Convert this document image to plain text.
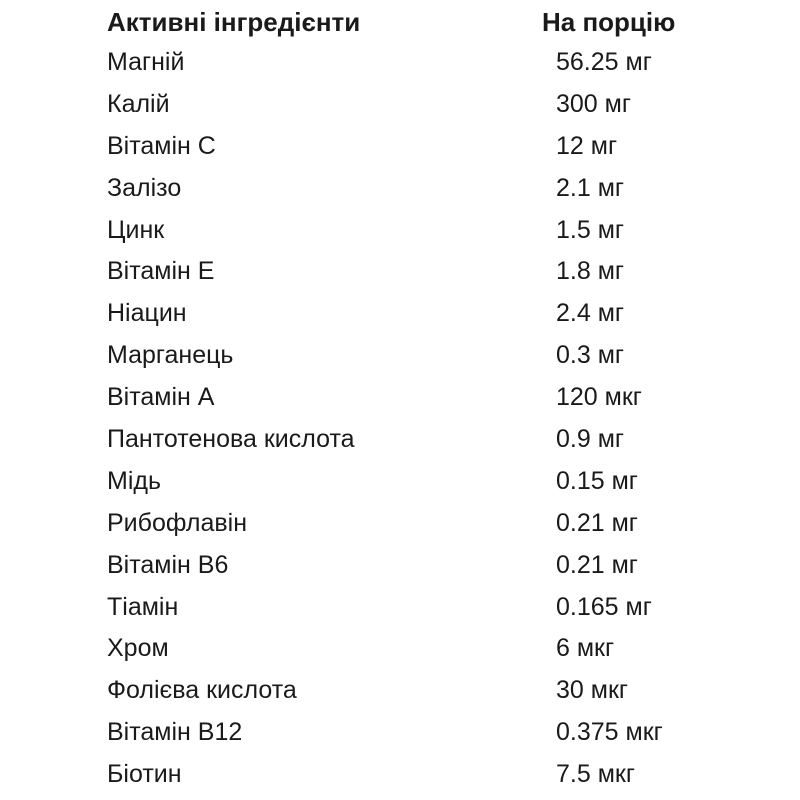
Активні інгредієнти	На порцію
Магній	56.25 мг
Калій	300 мг
Вітамін С	12 мг
Залізо	2.1 мг
Цинк	1.5 мг
Вітамін Е	1.8 мг
Ніацин	2.4 мг
Марганець	0.3 мг
Вітамін А	120 мкг
Пантотенова кислота	0.9 мг
Мідь	0.15 мг
Рибофлавін	0.21 мг
Вітамін В6	0.21 мг
Тіамін	0.165 мг
Хром	6 мкг
Фолієва кислота	30 мкг
Вітамін В12	0.375 мкг
Біотин	7.5 мкг
